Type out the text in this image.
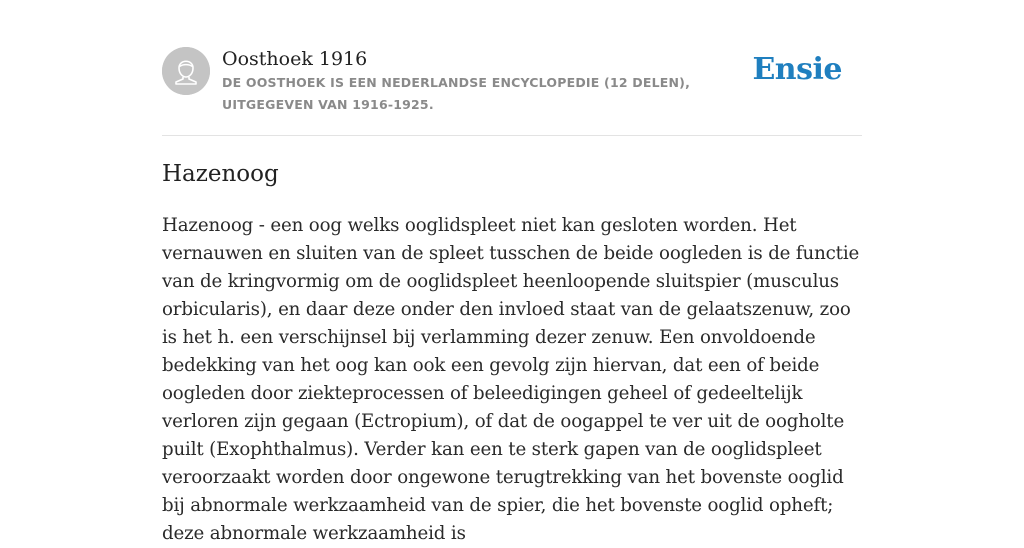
Oosthoek 1916

DE OOSTHOEK IS EEN NEDERLANDSE ENCYCLOPEDIE (12 DELEN), UITGEGEVEN VAN 1916-1925.

Ensie
Hazenoog

Hazenoog - een oog welks ooglidspleet niet kan gesloten worden. Het vernauwen en sluiten van de spleet tusschen de beide oogleden is de functie van de kringvormig om de ooglidspleet heenloopende sluitspier (musculus orbicularis), en daar deze onder den invloed staat van de gelaatszenuw, zoo is het h. een verschijnsel bij verlamming dezer zenuw. Een onvoldoende bedekking van het oog kan ook een gevolg zijn hiervan, dat een of beide oogleden door ziekteprocessen of beleedigingen geheel of gedeeltelijk verloren zijn gegaan (Ectropium), of dat de oogappel te ver uit de oogholte puilt (Exophthalmus). Verder kan een te sterk gapen van de ooglidspleet veroorzaakt worden door ongewone terugtrekking van het bovenste ooglid bij abnormale werkzaamheid van de spier, die het bovenste ooglid opheft; deze abnormale werkzaamheid is
